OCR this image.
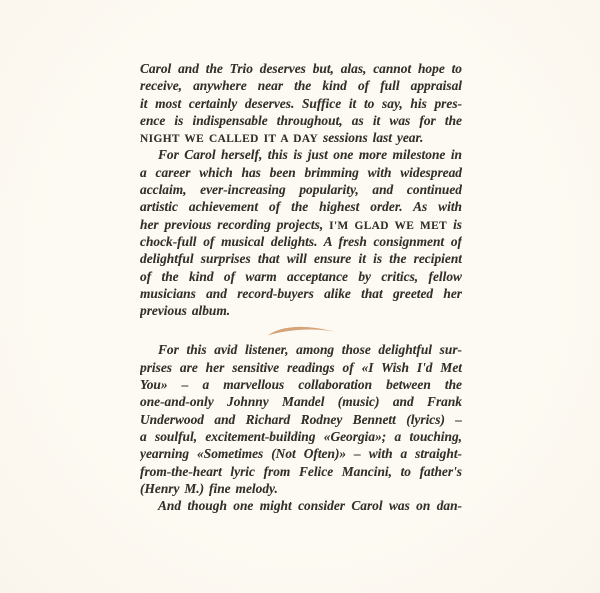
Carol and the Trio deserves but, alas, cannot hope to
receive, anywhere near the kind of full appraisal
it most certainly deserves. Suffice it to say, his pres-
ence is indispensable throughout, as it was for the
NIGHT WE CALLED IT A DAY sessions last year.
For Carol herself, this is just one more milestone in
a career which has been brimming with widespread
acclaim, ever-increasing popularity, and continued
artistic achievement of the highest order. As with
her previous recording projects, I'M GLAD WE MET is
chock-full of musical delights. A fresh consignment of
delightful surprises that will ensure it is the recipient
of the kind of warm acceptance by critics, fellow
musicians and record-buyers alike that greeted her
previous album.
For this avid listener, among those delightful sur-
prises are her sensitive readings of «I Wish I'd Met
You» – a marvellous collaboration between the
one-and-only Johnny Mandel (music) and Frank
Underwood and Richard Rodney Bennett (lyrics) –
a soulful, excitement-building «Georgia»; a touching,
yearning «Sometimes (Not Often)» – with a straight-
from-the-heart lyric from Felice Mancini, to father's
(Henry M.) fine melody.
And though one might consider Carol was on dan-
